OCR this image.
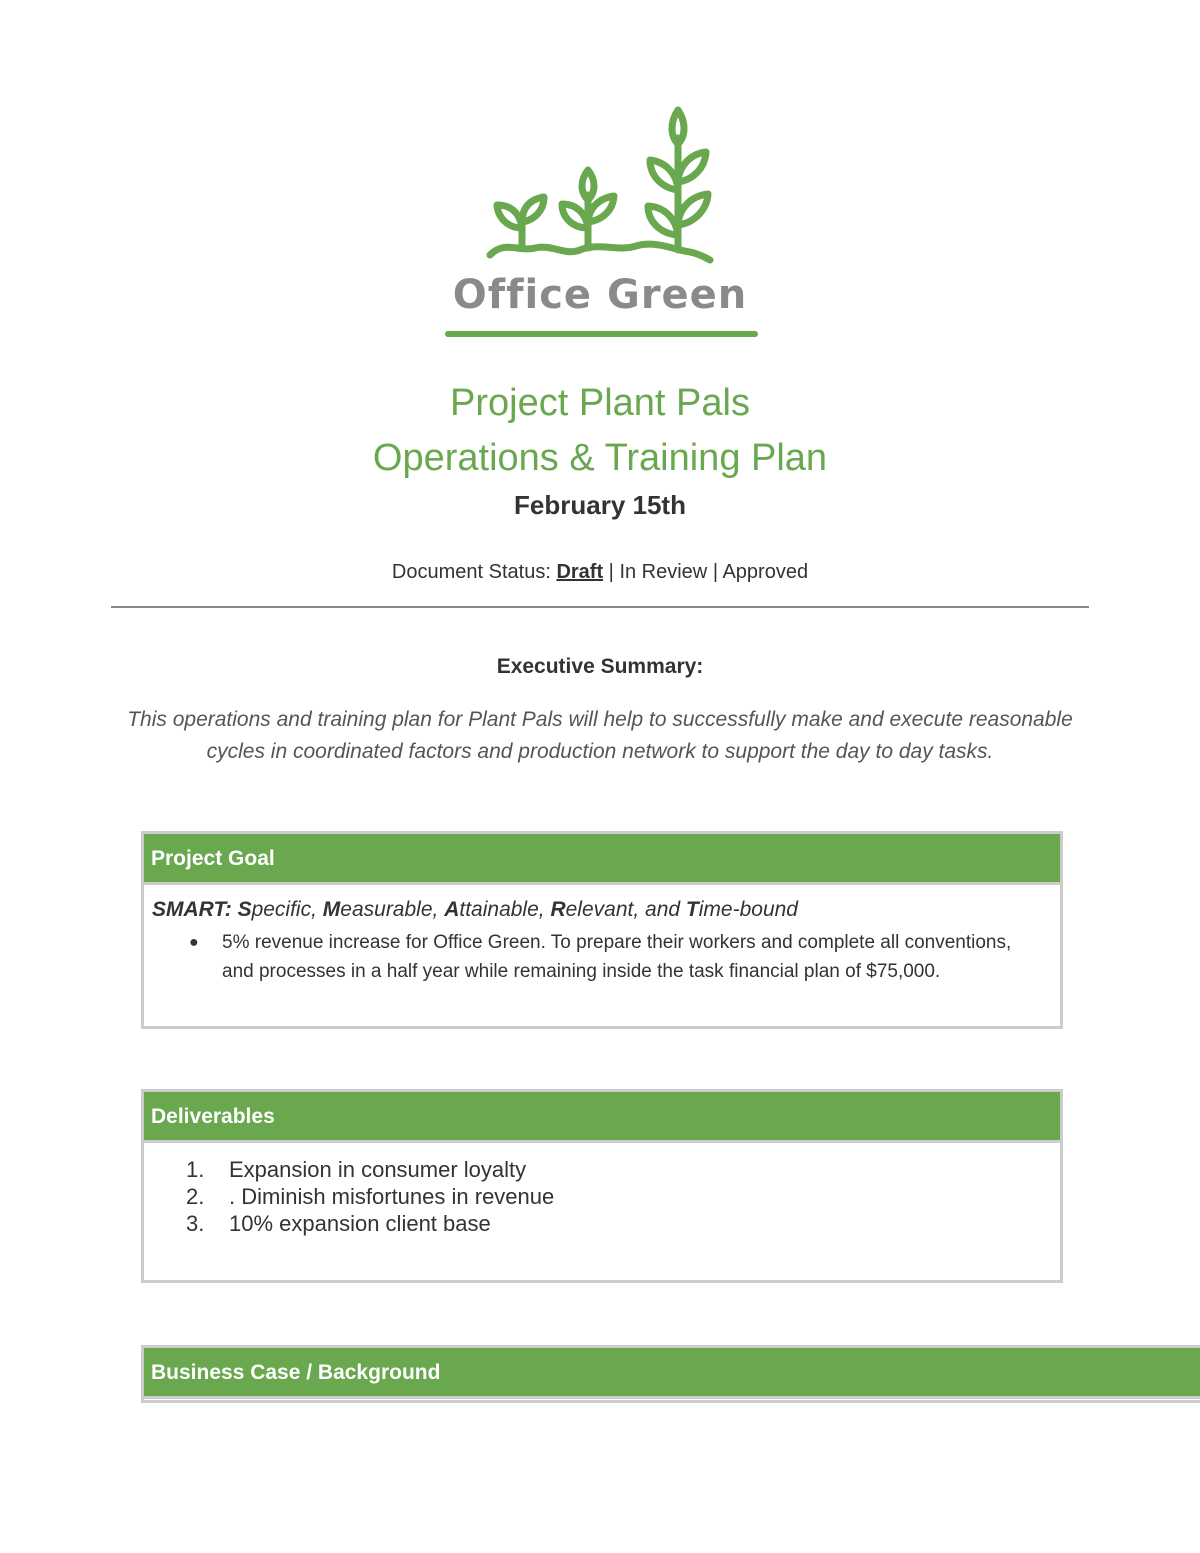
Office Green
Project Plant Pals
Operations & Training Plan
February 15th
Document Status: Draft | In Review | Approved
Executive Summary:
This operations and training plan for Plant Pals will help to successfully make and execute reasonable cycles in coordinated factors and production network to support the day to day tasks.
Project Goal
SMART: Specific, Measurable, Attainable, Relevant, and Time-bound
● 5% revenue increase for Office Green. To prepare their workers and complete all conventions, and processes in a half year while remaining inside the task financial plan of $75,000.
Deliverables
1. Expansion in consumer loyalty
2. . Diminish misfortunes in revenue
3. 10% expansion client base
Business Case / Background
